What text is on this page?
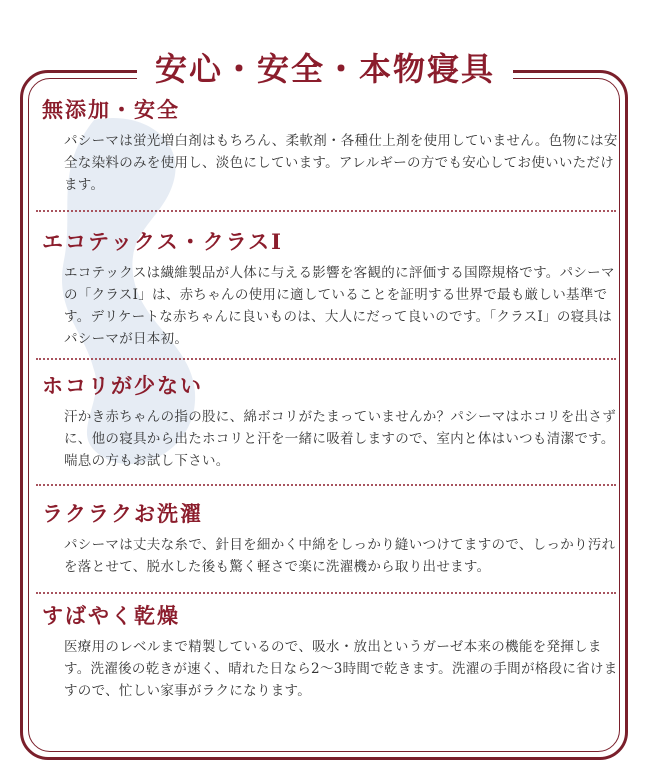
安心・安全・本物寝具
無添加・安全

パシーマは蛍光増白剤はもちろん、柔軟剤・各種仕上剤を使用していません。色物には安全な染料のみを使用し、淡色にしています。アレルギーの方でも安心してお使いいただけます。

エコテックス・クラスI

エコテックスは繊維製品が人体に与える影響を客観的に評価する国際規格です。パシーマの「クラスI」は、赤ちゃんの使用に適していることを証明する世界で最も厳しい基準です。デリケートな赤ちゃんに良いものは、大人にだって良いのです。「クラスI」の寝具はパシーマが日本初。

ホコリが少ない

汗かき赤ちゃんの指の股に、綿ボコリがたまっていませんか？パシーマはホコリを出さずに、他の寝具から出たホコリと汗を一緒に吸着しますので、室内と体はいつも清潔です。喘息の方もお試し下さい。

ラクラクお洗濯

パシーマは丈夫な糸で、針目を細かく中綿をしっかり縫いつけてますので、しっかり汚れを落とせて、脱水した後も驚く軽さで楽に洗濯機から取り出せます。

すばやく乾燥

医療用のレベルまで精製しているので、吸水・放出というガーゼ本来の機能を発揮します。洗濯後の乾きが速く、晴れた日なら2～3時間で乾きます。洗濯の手間が格段に省けますので、忙しい家事がラクになります。
